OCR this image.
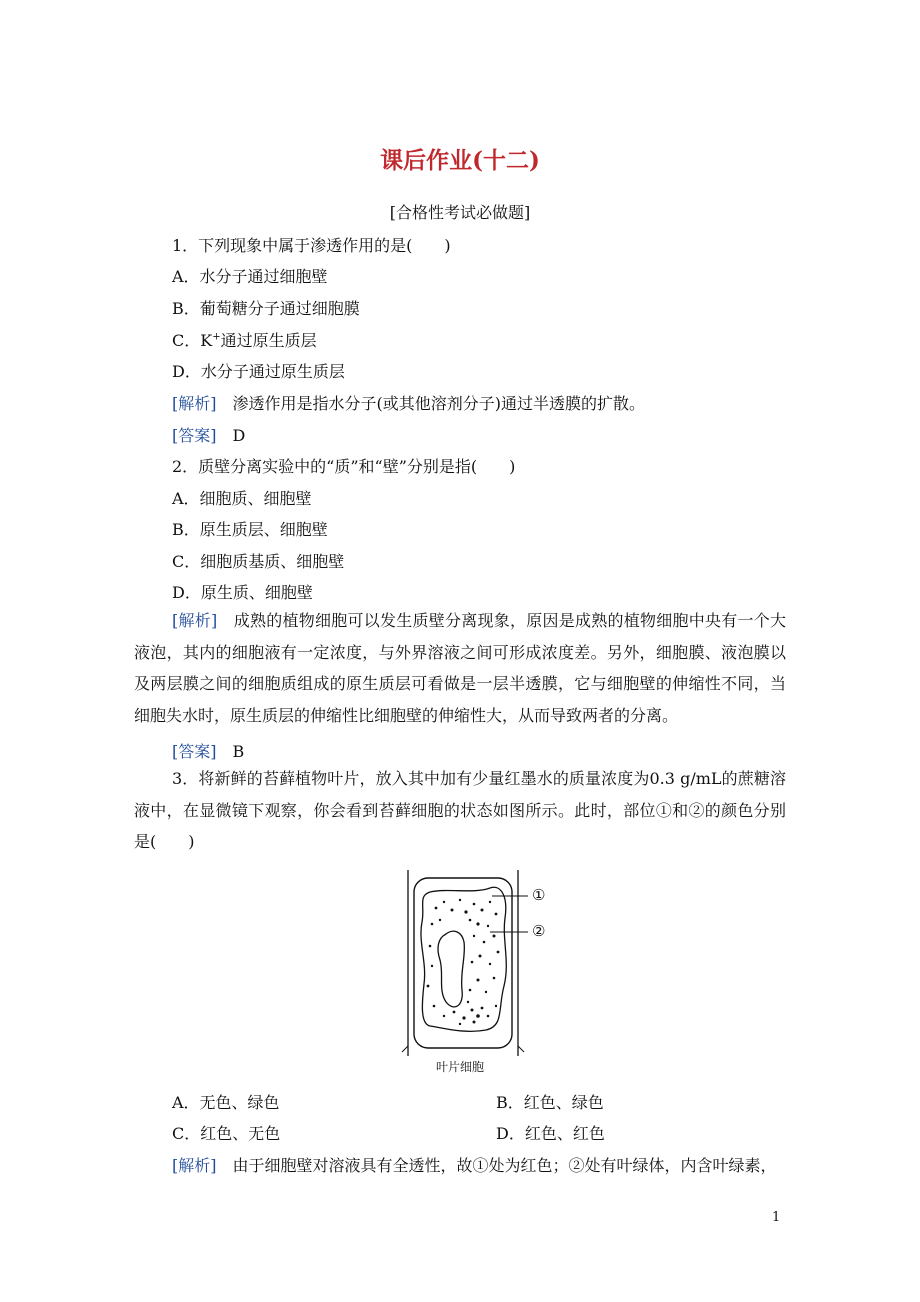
课后作业(十二)
[合格性考试必做题]
1．下列现象中属于渗透作用的是(　　)
A．水分子通过细胞壁
B．葡萄糖分子通过细胞膜
C．K+通过原生质层
D．水分子通过原生质层
[解析]　 渗透作用是指水分子(或其他溶剂分子)通过半透膜的扩散。
[答案]　 D
2．质壁分离实验中的“质”和“壁”分别是指(　　)
A．细胞质、细胞壁
B．原生质层、细胞壁
C．细胞质基质、细胞壁
D．原生质、细胞壁
[解析]　 成熟的植物细胞可以发生质壁分离现象，原因是成熟的植物细胞中央有一个大液泡，其内的细胞液有一定浓度，与外界溶液之间可形成浓度差。另外，细胞膜、液泡膜以及两层膜之间的细胞质组成的原生质层可看做是一层半透膜，它与细胞壁的伸缩性不同，当细胞失水时，原生质层的伸缩性比细胞壁的伸缩性大，从而导致两者的分离。
[答案]　 B
3．将新鲜的苔藓植物叶片，放入其中加有少量红墨水的质量浓度为0.3 g/mL的蔗糖溶液中，在显微镜下观察，你会看到苔藓细胞的状态如图所示。此时，部位①和②的颜色分别是(　　)
①
②
叶片细胞
A．无色、绿色	B．红色、绿色
C．红色、无色	D．红色、红色
[解析]　 由于细胞壁对溶液具有全透性，故①处为红色；②处有叶绿体，内含叶绿素，
1
